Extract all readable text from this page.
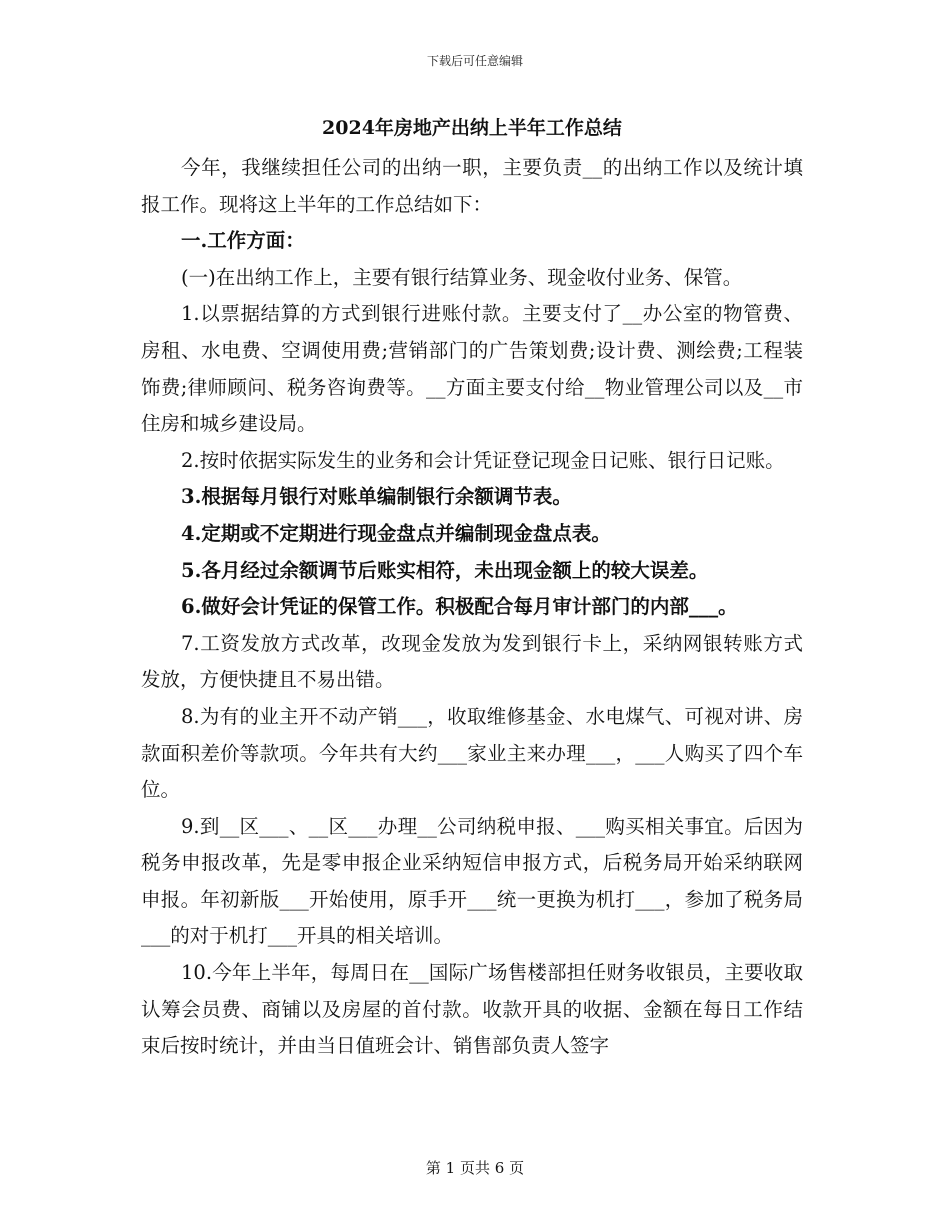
下载后可任意编辑
2024年房地产出纳上半年工作总结

今年，我继续担任公司的出纳一职，主要负责__的出纳工作以及统计填报工作。现将这上半年的工作总结如下：

一.工作方面：

(一)在出纳工作上，主要有银行结算业务、现金收付业务、保管。

1.以票据结算的方式到银行进账付款。主要支付了__办公室的物管费、房租、水电费、空调使用费;营销部门的广告策划费;设计费、测绘费;工程装饰费;律师顾问、税务咨询费等。__方面主要支付给__物业管理公司以及__市住房和城乡建设局。

2.按时依据实际发生的业务和会计凭证登记现金日记账、银行日记账。

3.根据每月银行对账单编制银行余额调节表。

4.定期或不定期进行现金盘点并编制现金盘点表。

5.各月经过余额调节后账实相符，未出现金额上的较大误差。

6.做好会计凭证的保管工作。积极配合每月审计部门的内部___。

7.工资发放方式改革，改现金发放为发到银行卡上，采纳网银转账方式发放，方便快捷且不易出错。

8.为有的业主开不动产销___，收取维修基金、水电煤气、可视对讲、房款面积差价等款项。今年共有大约___家业主来办理___，___人购买了四个车位。

9.到__区___、__区___办理__公司纳税申报、___购买相关事宜。后因为税务申报改革，先是零申报企业采纳短信申报方式，后税务局开始采纳联网申报。年初新版___开始使用，原手开___统一更换为机打___，参加了税务局___的对于机打___开具的相关培训。

10.今年上半年，每周日在__国际广场售楼部担任财务收银员，主要收取认筹会员费、商铺以及房屋的首付款。收款开具的收据、金额在每日工作结束后按时统计，并由当日值班会计、销售部负责人签字

第 1 页共 6 页
